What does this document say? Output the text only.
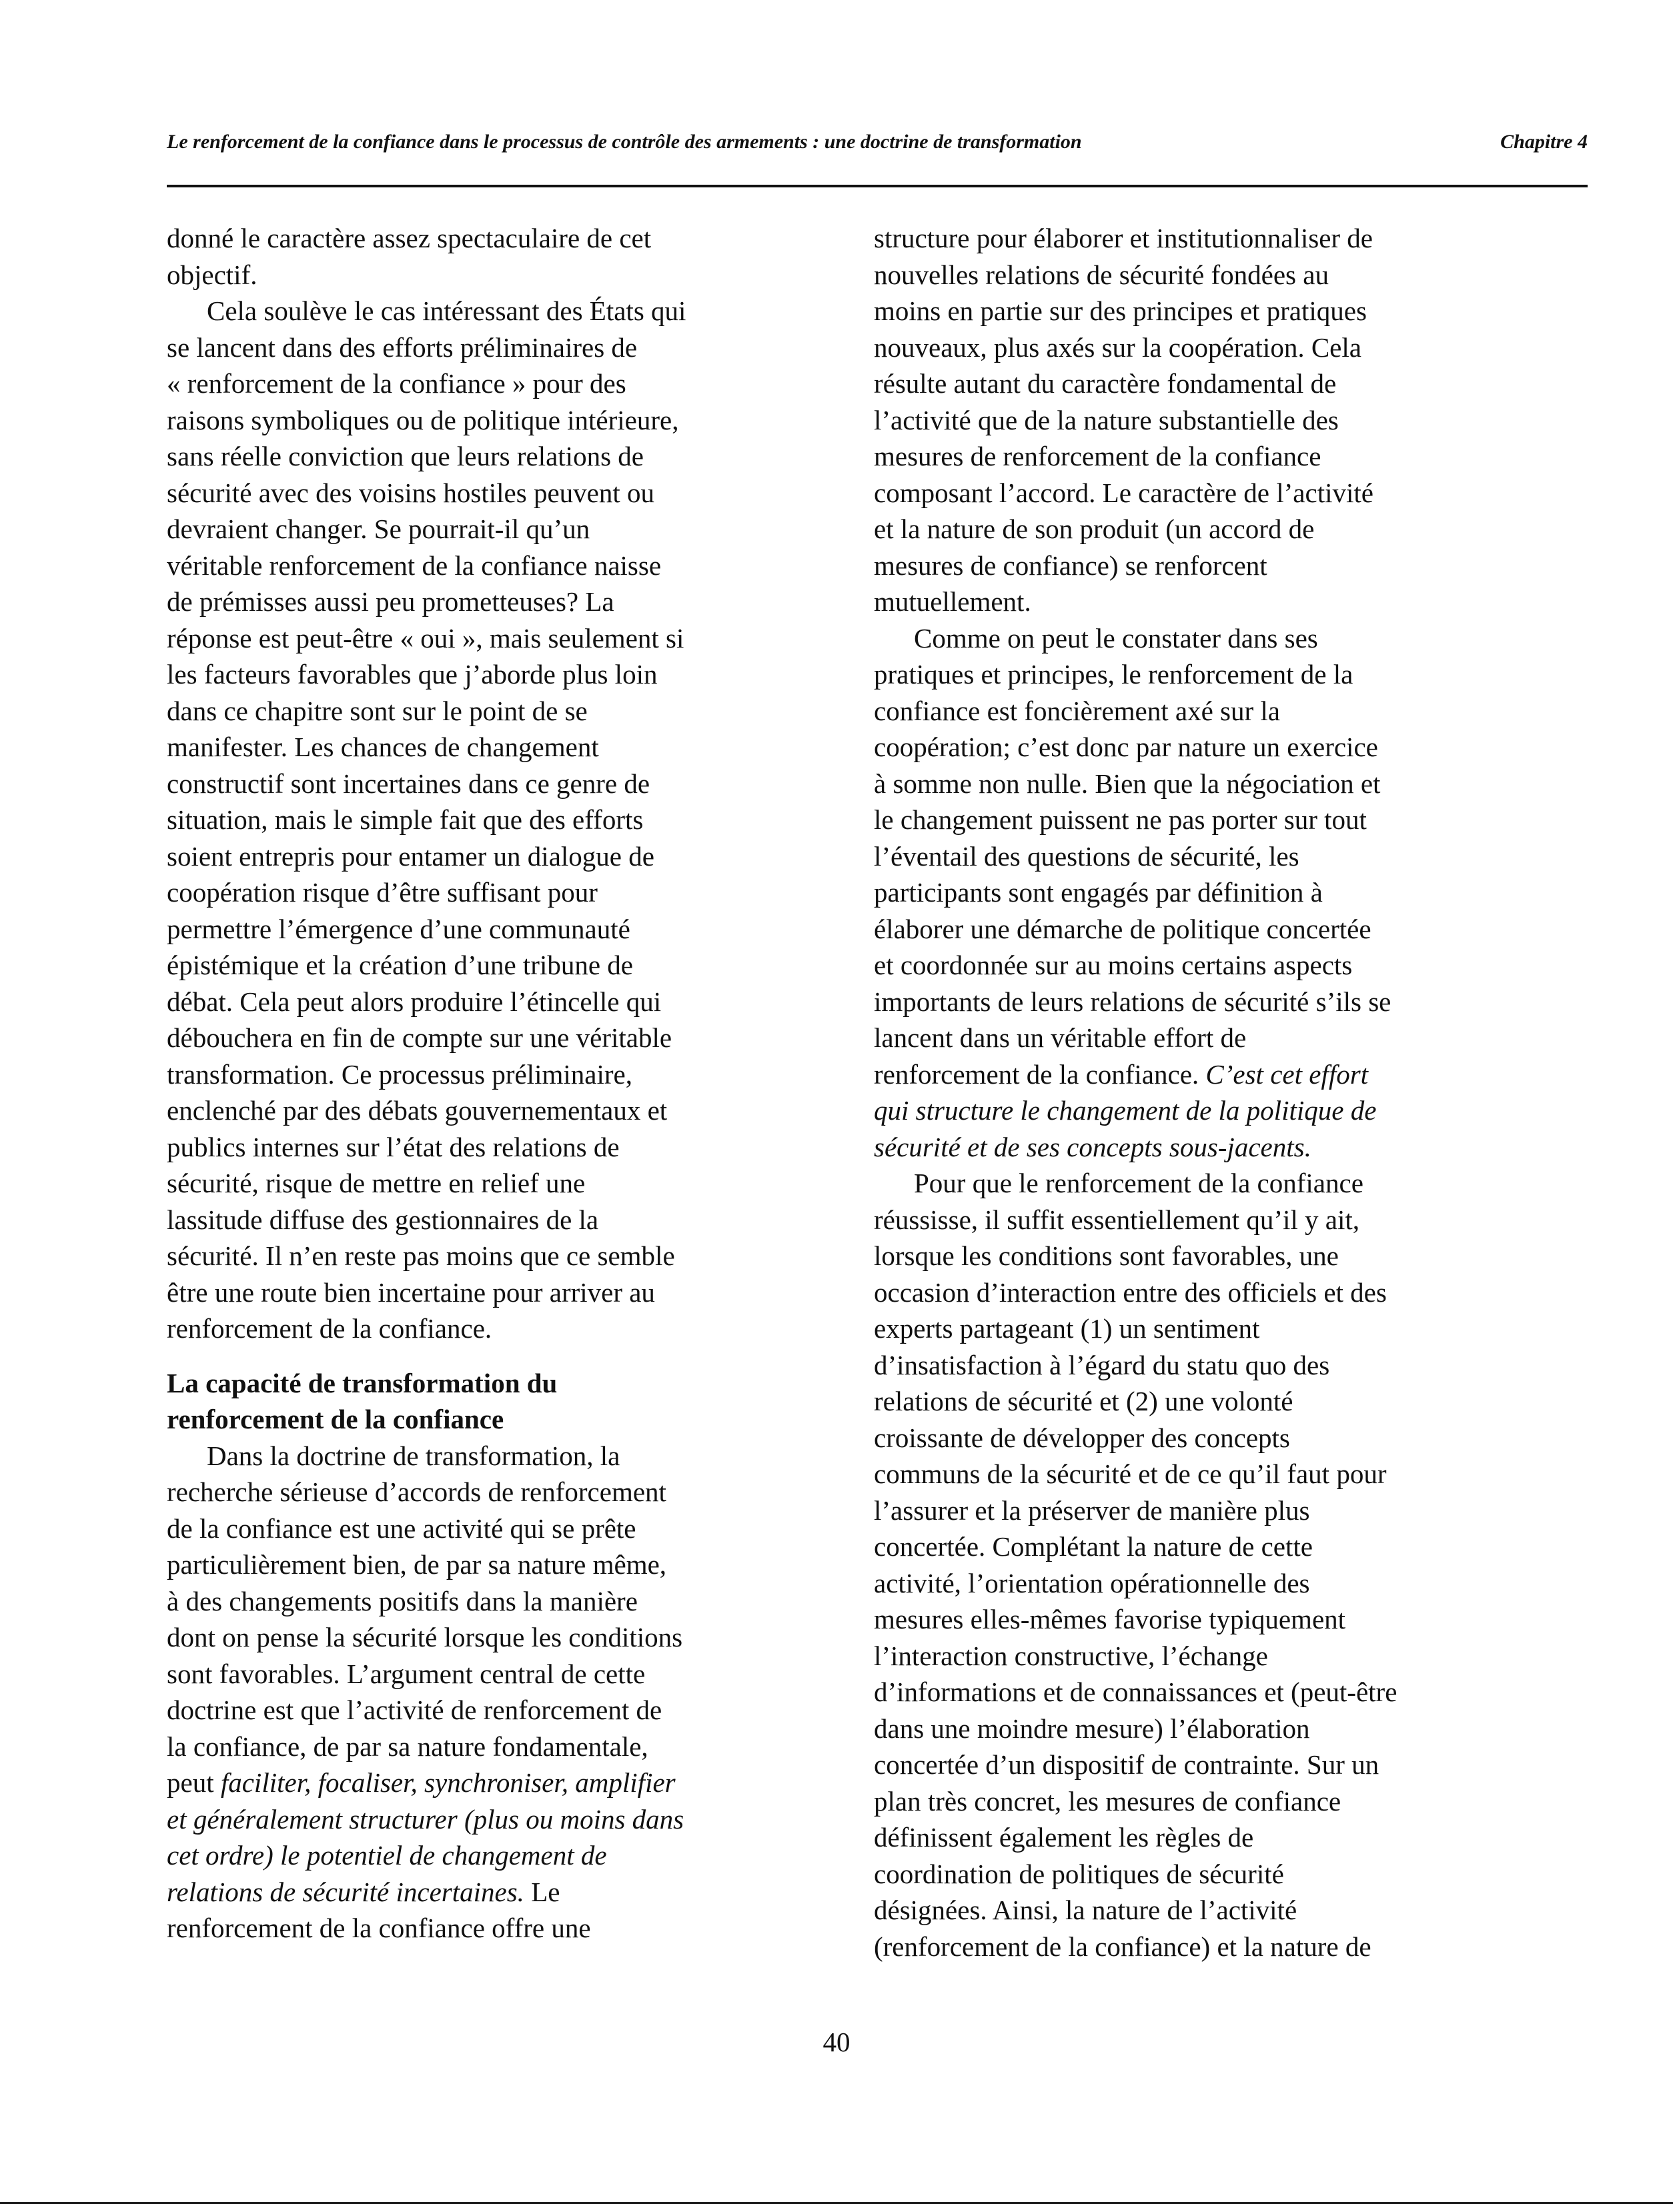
Le renforcement de la confiance dans le processus de contrôle des armements : une doctrine de transformation	Chapitre 4

donné le caractère assez spectaculaire de cet
objectif.

Cela soulève le cas intéressant des États qui
se lancent dans des efforts préliminaires de
« renforcement de la confiance » pour des
raisons symboliques ou de politique intérieure,
sans réelle conviction que leurs relations de
sécurité avec des voisins hostiles peuvent ou
devraient changer. Se pourrait-il qu’un
véritable renforcement de la confiance naisse
de prémisses aussi peu prometteuses? La
réponse est peut-être « oui », mais seulement si
les facteurs favorables que j’aborde plus loin
dans ce chapitre sont sur le point de se
manifester. Les chances de changement
constructif sont incertaines dans ce genre de
situation, mais le simple fait que des efforts
soient entrepris pour entamer un dialogue de
coopération risque d’être suffisant pour
permettre l’émergence d’une communauté
épistémique et la création d’une tribune de
débat. Cela peut alors produire l’étincelle qui
débouchera en fin de compte sur une véritable
transformation. Ce processus préliminaire,
enclenché par des débats gouvernementaux et
publics internes sur l’état des relations de
sécurité, risque de mettre en relief une
lassitude diffuse des gestionnaires de la
sécurité. Il n’en reste pas moins que ce semble
être une route bien incertaine pour arriver au
renforcement de la confiance.

La capacité de transformation du
renforcement de la confiance

Dans la doctrine de transformation, la
recherche sérieuse d’accords de renforcement
de la confiance est une activité qui se prête
particulièrement bien, de par sa nature même,
à des changements positifs dans la manière
dont on pense la sécurité lorsque les conditions
sont favorables. L’argument central de cette
doctrine est que l’activité de renforcement de
la confiance, de par sa nature fondamentale,
peut faciliter, focaliser, synchroniser, amplifier
et généralement structurer (plus ou moins dans
cet ordre) le potentiel de changement de
relations de sécurité incertaines. Le
renforcement de la confiance offre une

structure pour élaborer et institutionnaliser de
nouvelles relations de sécurité fondées au
moins en partie sur des principes et pratiques
nouveaux, plus axés sur la coopération. Cela
résulte autant du caractère fondamental de
l’activité que de la nature substantielle des
mesures de renforcement de la confiance
composant l’accord. Le caractère de l’activité
et la nature de son produit (un accord de
mesures de confiance) se renforcent
mutuellement.

Comme on peut le constater dans ses
pratiques et principes, le renforcement de la
confiance est foncièrement axé sur la
coopération; c’est donc par nature un exercice
à somme non nulle. Bien que la négociation et
le changement puissent ne pas porter sur tout
l’éventail des questions de sécurité, les
participants sont engagés par définition à
élaborer une démarche de politique concertée
et coordonnée sur au moins certains aspects
importants de leurs relations de sécurité s’ils se
lancent dans un véritable effort de
renforcement de la confiance. C’est cet effort
qui structure le changement de la politique de
sécurité et de ses concepts sous-jacents.

Pour que le renforcement de la confiance
réussisse, il suffit essentiellement qu’il y ait,
lorsque les conditions sont favorables, une
occasion d’interaction entre des officiels et des
experts partageant (1) un sentiment
d’insatisfaction à l’égard du statu quo des
relations de sécurité et (2) une volonté
croissante de développer des concepts
communs de la sécurité et de ce qu’il faut pour
l’assurer et la préserver de manière plus
concertée. Complétant la nature de cette
activité, l’orientation opérationnelle des
mesures elles-mêmes favorise typiquement
l’interaction constructive, l’échange
d’informations et de connaissances et (peut-être
dans une moindre mesure) l’élaboration
concertée d’un dispositif de contrainte. Sur un
plan très concret, les mesures de confiance
définissent également les règles de
coordination de politiques de sécurité
désignées. Ainsi, la nature de l’activité
(renforcement de la confiance) et la nature de

40
